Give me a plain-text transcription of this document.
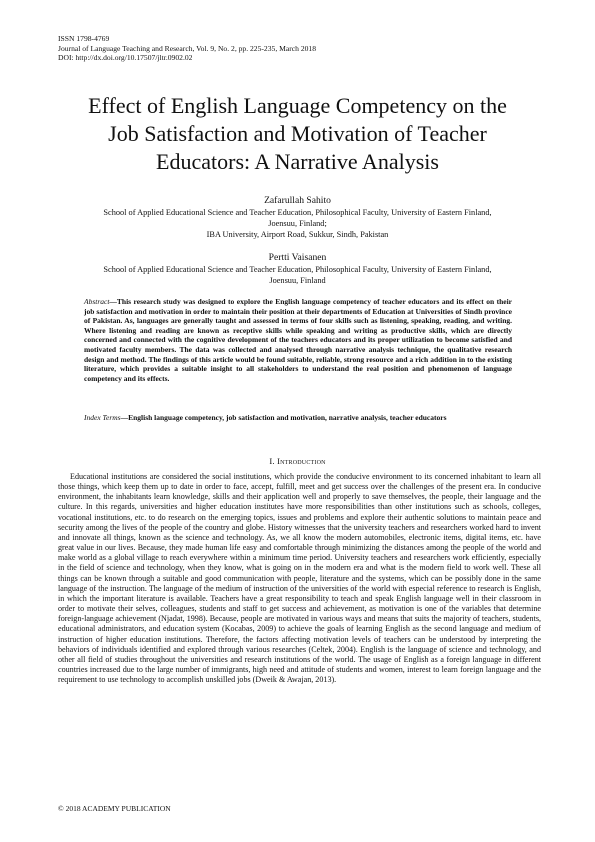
ISSN 1798-4769
Journal of Language Teaching and Research, Vol. 9, No. 2, pp. 225-235, March 2018
DOI: http://dx.doi.org/10.17507/jltr.0902.02
Effect of English Language Competency on the
Job Satisfaction and Motivation of Teacher
Educators: A Narrative Analysis
Zafarullah Sahito
School of Applied Educational Science and Teacher Education, Philosophical Faculty, University of Eastern Finland,
Joensuu, Finland;
IBA University, Airport Road, Sukkur, Sindh, Pakistan
Pertti Vaisanen
School of Applied Educational Science and Teacher Education, Philosophical Faculty, University of Eastern Finland,
Joensuu, Finland
Abstract—This research study was designed to explore the English language competency of teacher educators and its effect on their job satisfaction and motivation in order to maintain their position at their departments of Education at Universities of Sindh province of Pakistan. As, languages are generally taught and assessed in terms of four skills such as listening, speaking, reading, and writing. Where listening and reading are known as receptive skills while speaking and writing as productive skills, which are directly concerned and connected with the cognitive development of the teachers educators and its proper utilization to become satisfied and motivated faculty members. The data was collected and analysed through narrative analysis technique, the qualitative research design and method. The findings of this article would be found suitable, reliable, strong resource and a rich addition in to the existing literature, which provides a suitable insight to all stakeholders to understand the real position and phenomenon of language competency and its effects.
Index Terms—English language competency, job satisfaction and motivation, narrative analysis, teacher educators
I. Introduction
Educational institutions are considered the social institutions, which provide the conducive environment to its concerned inhabitant to learn all those things, which keep them up to date in order to face, accept, fulfill, meet and get success over the challenges of the present era. In conducive environment, the inhabitants learn knowledge, skills and their application well and properly to save themselves, the people, their language and the culture. In this regards, universities and higher education institutes have more responsibilities than other institutions such as schools, colleges, vocational institutions, etc. to do research on the emerging topics, issues and problems and explore their authentic solutions to maintain peace and security among the lives of the people of the country and globe. History witnesses that the university teachers and researchers worked hard to invent and innovate all things, known as the science and technology. As, we all know the modern automobiles, electronic items, digital items, etc. have great value in our lives. Because, they made human life easy and comfortable through minimizing the distances among the people of the world and make world as a global village to reach everywhere within a minimum time period. University teachers and researchers work efficiently, especially in the field of science and technology, when they know, what is going on in the modern era and what is the modern field to work well. These all things can be known through a suitable and good communication with people, literature and the systems, which can be possibly done in the same language of the instruction. The language of the medium of instruction of the universities of the world with especial reference to research is English, in which the important literature is available. Teachers have a great responsibility to teach and speak English language well in their classroom in order to motivate their selves, colleagues, students and staff to get success and achievement, as motivation is one of the variables that determine foreign-language achievement (Njadat, 1998). Because, people are motivated in various ways and means that suits the majority of teachers, students, educational administrators, and education system (Kocabas, 2009) to achieve the goals of learning English as the second language and medium of instruction of higher education institutions. Therefore, the factors affecting motivation levels of teachers can be understood by interpreting the behaviors of individuals identified and explored through various researches (Celtek, 2004). English is the language of science and technology, and other all field of studies throughout the universities and research institutions of the world. The usage of English as a foreign language in different countries increased due to the large number of immigrants, high need and attitude of students and women, interest to learn foreign language and the requirement to use technology to accomplish unskilled jobs (Dweik & Awajan, 2013).
© 2018 ACADEMY PUBLICATION
